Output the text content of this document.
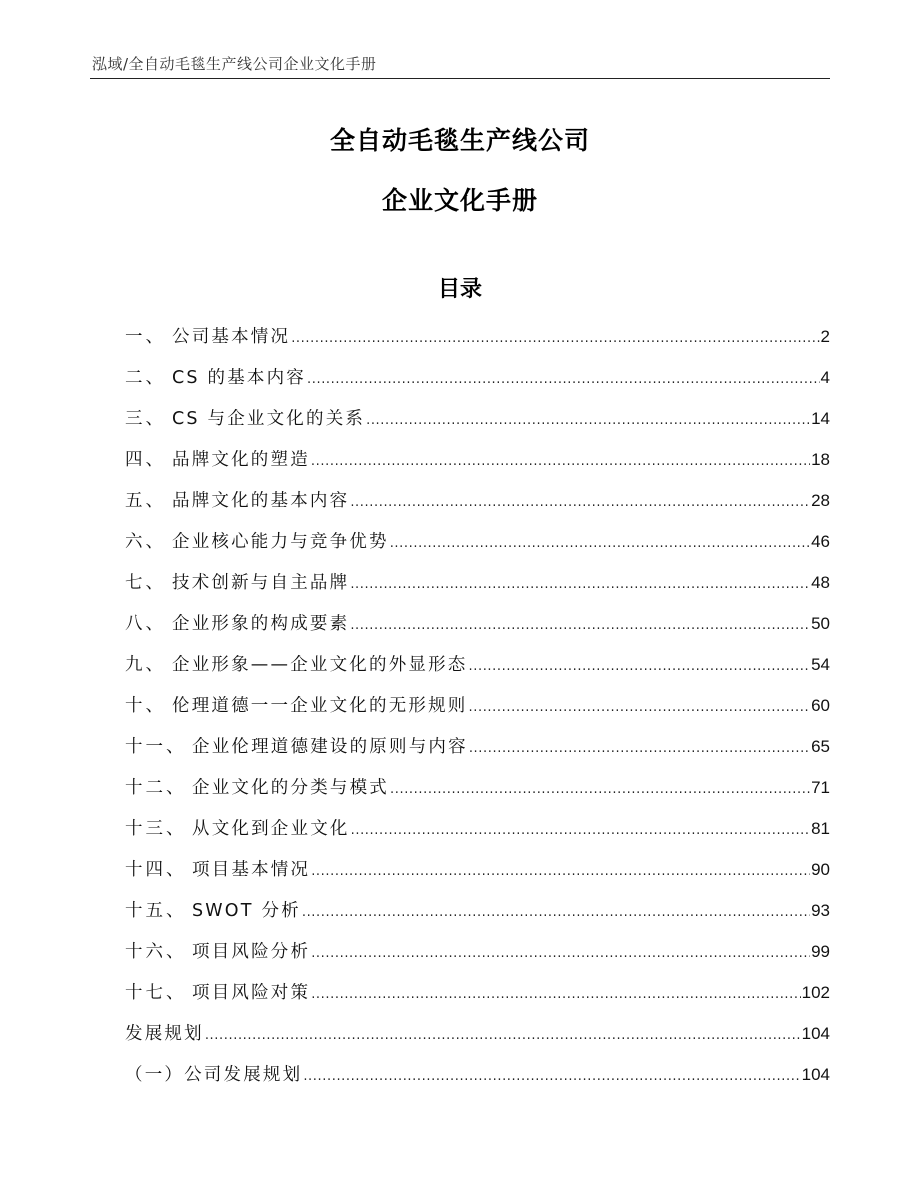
泓域/全自动毛毯生产线公司企业文化手册
全自动毛毯生产线公司
企业文化手册
目录
一、 公司基本情况 .....	2
二、 CS 的基本内容 .....	4
三、 CS 与企业文化的关系 .....	14
四、 品牌文化的塑造 .....	18
五、 品牌文化的基本内容 .....	28
六、 企业核心能力与竞争优势 .....	46
七、 技术创新与自主品牌 .....	48
八、 企业形象的构成要素 .....	50
九、 企业形象——企业文化的外显形态 .....	54
十、 伦理道德一一企业文化的无形规则 .....	60
十一、 企业伦理道德建设的原则与内容 .....	65
十二、 企业文化的分类与模式 .....	71
十三、 从文化到企业文化 .....	81
十四、 项目基本情况 .....	90
十五、 SWOT 分析 .....	93
十六、 项目风险分析 .....	99
十七、 项目风险对策 .....	102
发展规划 .....	104
（一）公司发展规划 .....	104
